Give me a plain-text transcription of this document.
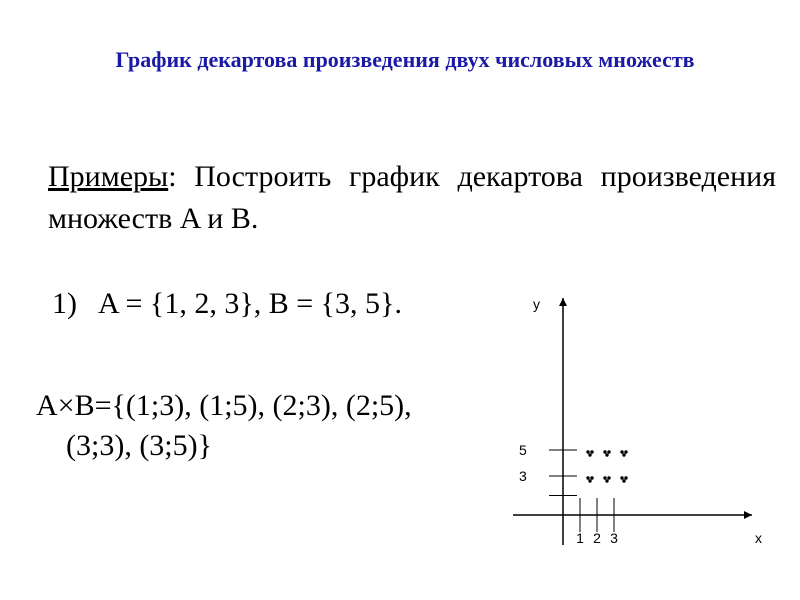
График декартова произведения двух числовых множеств
Примеры: Построить график декартова произведения множеств A и B.
1) A = {1, 2, 3}, B = {3, 5}.
A×B={(1;3), (1;5), (2;3), (2;5),
(3;3), (3;5)}
x
y
1 2 3
3
5
